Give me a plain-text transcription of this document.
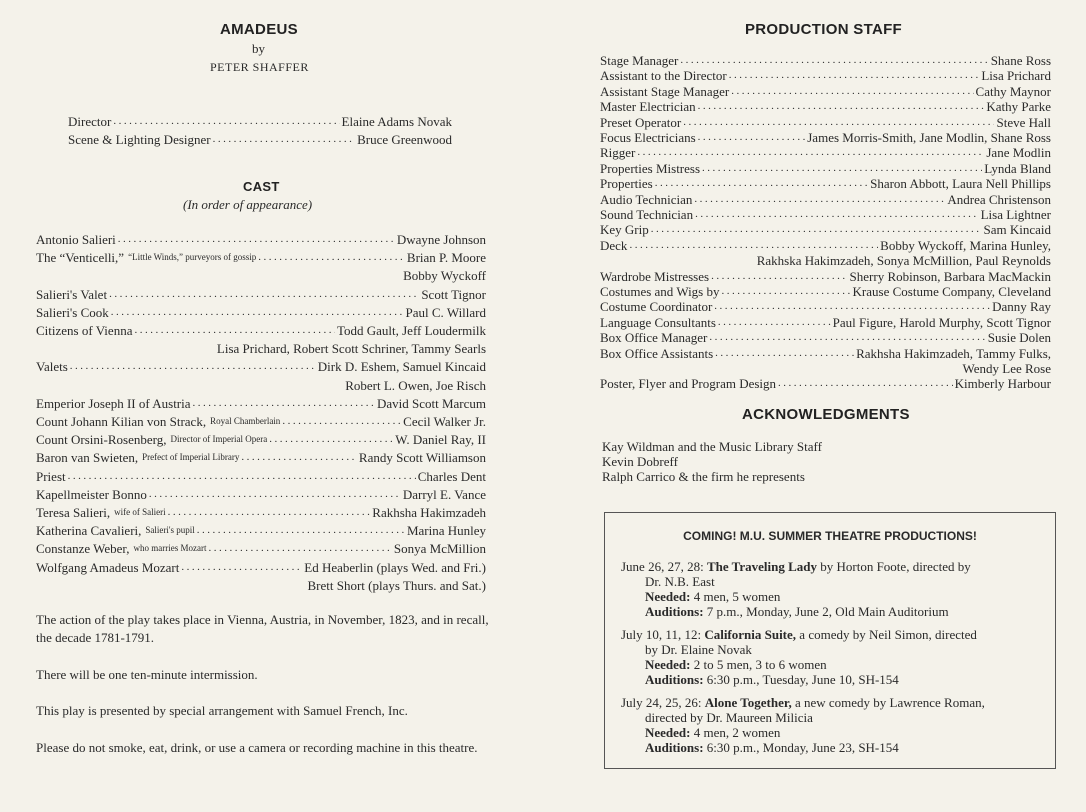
AMADEUS
by
PETER SHAFFER
Director .....	Elaine Adams Novak
Scene & Lighting Designer .....	Bruce Greenwood
CAST
(In order of appearance)
Antonio Salieri .....	Dwayne Johnson
The “Venticelli,” “Little Winds,” purveyors of gossip .....	Brian P. Moore
Bobby Wyckoff
Salieri's Valet .....	Scott Tignor
Salieri's Cook .....	Paul C. Willard
Citizens of Vienna .....	Todd Gault, Jeff Loudermilk
Lisa Prichard, Robert Scott Schriner, Tammy Searls
Valets .....	Dirk D. Eshem, Samuel Kincaid
Robert L. Owen, Joe Risch
Emperior Joseph II of Austria .....	David Scott Marcum
Count Johann Kilian von Strack, Royal Chamberlain .....	Cecil Walker Jr.
Count Orsini-Rosenberg, Director of Imperial Opera .....	W. Daniel Ray, II
Baron van Swieten, Prefect of Imperial Library .....	Randy Scott Williamson
Priest .....	Charles Dent
Kapellmeister Bonno .....	Darryl E. Vance
Teresa Salieri, wife of Salieri .....	Rakhsha Hakimzadeh
Katherina Cavalieri, Salieri's pupil .....	Marina Hunley
Constanze Weber, who marries Mozart .....	Sonya McMillion
Wolfgang Amadeus Mozart .....	Ed Heaberlin (plays Wed. and Fri.)
Brett Short (plays Thurs. and Sat.)
The action of the play takes place in Vienna, Austria, in November, 1823, and in recall, the decade 1781-1791.
There will be one ten-minute intermission.
This play is presented by special arrangement with Samuel French, Inc.
Please do not smoke, eat, drink, or use a camera or recording machine in this theatre.
PRODUCTION STAFF
Stage Manager .....	Shane Ross
Assistant to the Director .....	Lisa Prichard
Assistant Stage Manager .....	Cathy Maynor
Master Electrician .....	Kathy Parke
Preset Operator .....	Steve Hall
Focus Electricians .....	James Morris-Smith, Jane Modlin, Shane Ross
Rigger .....	Jane Modlin
Properties Mistress .....	Lynda Bland
Properties .....	Sharon Abbott, Laura Nell Phillips
Audio Technician .....	Andrea Christenson
Sound Technician .....	Lisa Lightner
Key Grip .....	Sam Kincaid
Deck .....	Bobby Wyckoff, Marina Hunley,
Rakhska Hakimzadeh, Sonya McMillion, Paul Reynolds
Wardrobe Mistresses .....	Sherry Robinson, Barbara MacMackin
Costumes and Wigs by .....	Krause Costume Company, Cleveland
Costume Coordinator .....	Danny Ray
Language Consultants .....	Paul Figure, Harold Murphy, Scott Tignor
Box Office Manager .....	Susie Dolen
Box Office Assistants .....	Rakhsha Hakimzadeh, Tammy Fulks,
Wendy Lee Rose
Poster, Flyer and Program Design .....	Kimberly Harbour
ACKNOWLEDGMENTS
Kay Wildman and the Music Library Staff
Kevin Dobreff
Ralph Carrico & the firm he represents
COMING! M.U. SUMMER THEATRE PRODUCTIONS!
June 26, 27, 28: The Traveling Lady by Horton Foote, directed by
Dr. N.B. East
Needed: 4 men, 5 women
Auditions: 7 p.m., Monday, June 2, Old Main Auditorium
July 10, 11, 12: California Suite, a comedy by Neil Simon, directed
by Dr. Elaine Novak
Needed: 2 to 5 men, 3 to 6 women
Auditions: 6:30 p.m., Tuesday, June 10, SH-154
July 24, 25, 26: Alone Together, a new comedy by Lawrence Roman,
directed by Dr. Maureen Milicia
Needed: 4 men, 2 women
Auditions: 6:30 p.m., Monday, June 23, SH-154
